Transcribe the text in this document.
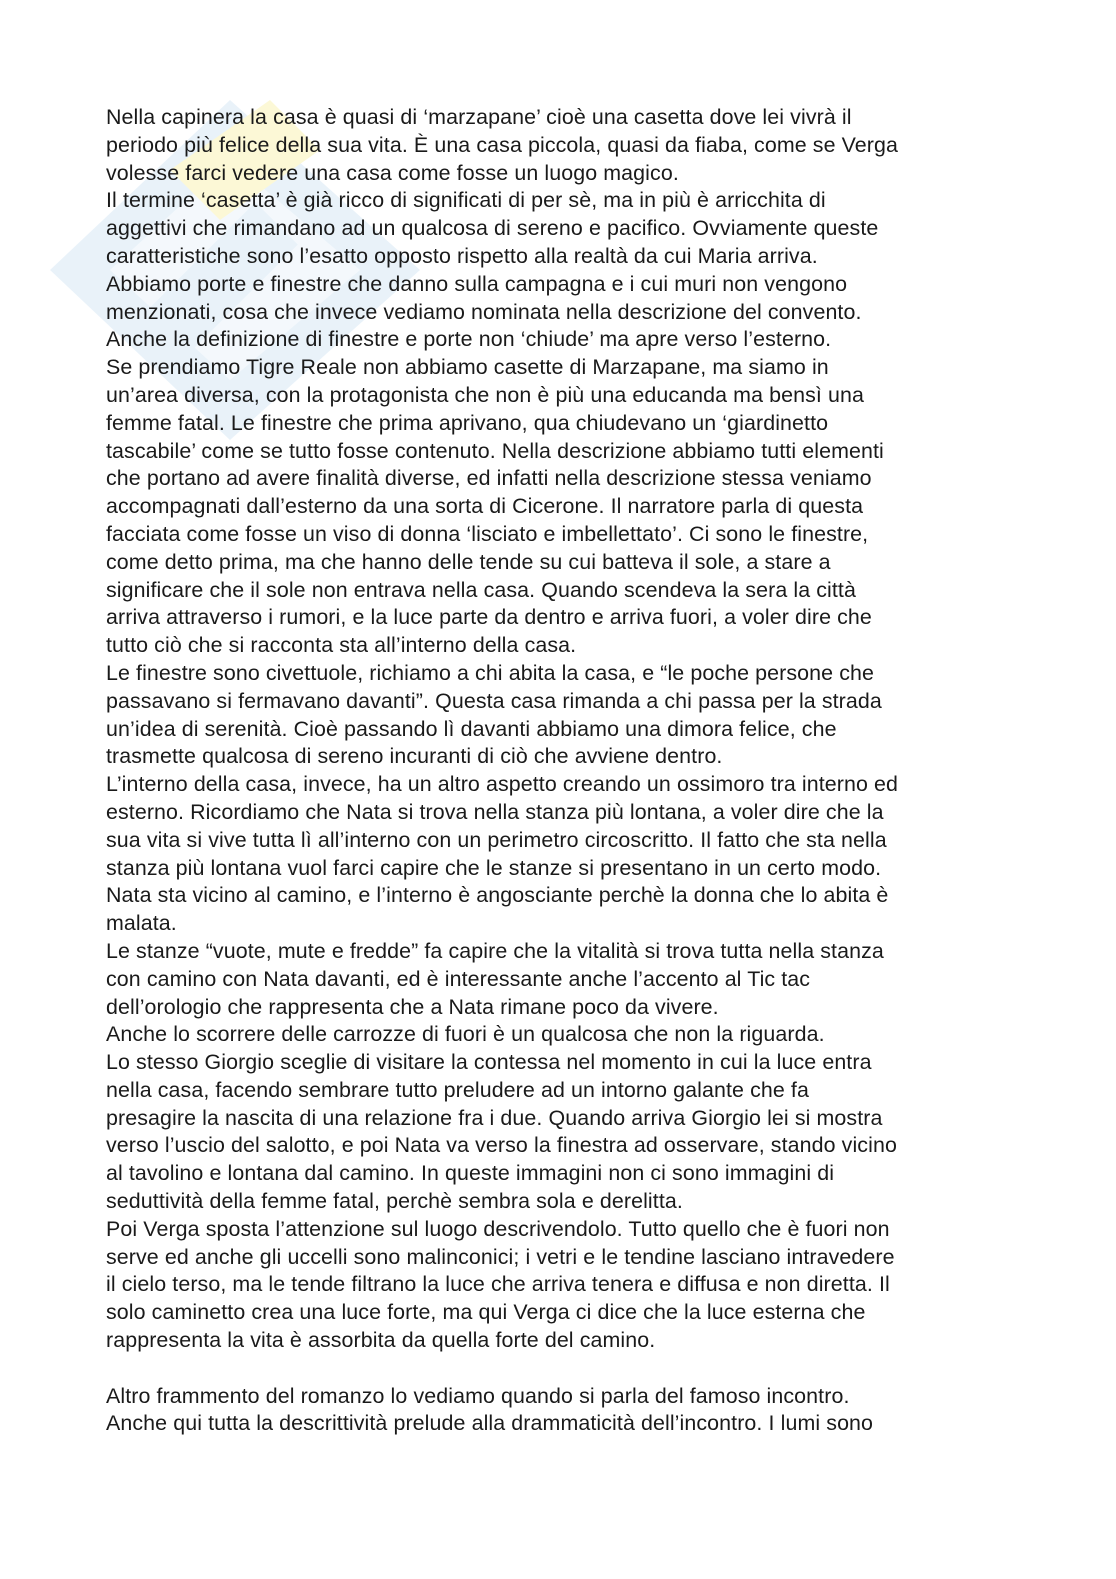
Nella capinera la casa è quasi di ‘marzapane’ cioè una casetta dove lei vivrà il
periodo più felice della sua vita. È una casa piccola, quasi da fiaba, come se Verga
volesse farci vedere una casa come fosse un luogo magico.

Il termine ‘casetta’ è già ricco di significati di per sè, ma in più è arricchita di
aggettivi che rimandano ad un qualcosa di sereno e pacifico. Ovviamente queste
caratteristiche sono l’esatto opposto rispetto alla realtà da cui Maria arriva.

Abbiamo porte e finestre che danno sulla campagna e i cui muri non vengono
menzionati, cosa che invece vediamo nominata nella descrizione del convento.

Anche la definizione di finestre e porte non ‘chiude’ ma apre verso l’esterno.

Se prendiamo Tigre Reale non abbiamo casette di Marzapane, ma siamo in
un’area diversa, con la protagonista che non è più una educanda ma bensì una
femme fatal. Le finestre che prima aprivano, qua chiudevano un ‘giardinetto
tascabile’ come se tutto fosse contenuto. Nella descrizione abbiamo tutti elementi
che portano ad avere finalità diverse, ed infatti nella descrizione stessa veniamo
accompagnati dall’esterno da una sorta di Cicerone. Il narratore parla di questa
facciata come fosse un viso di donna ‘lisciato e imbellettato’. Ci sono le finestre,
come detto prima, ma che hanno delle tende su cui batteva il sole, a stare a
significare che il sole non entrava nella casa. Quando scendeva la sera la città
arriva attraverso i rumori, e la luce parte da dentro e arriva fuori, a voler dire che
tutto ciò che si racconta sta all’interno della casa.

Le finestre sono civettuole, richiamo a chi abita la casa, e “le poche persone che
passavano si fermavano davanti”. Questa casa rimanda a chi passa per la strada
un’idea di serenità. Cioè passando lì davanti abbiamo una dimora felice, che
trasmette qualcosa di sereno incuranti di ciò che avviene dentro.

L’interno della casa, invece, ha un altro aspetto creando un ossimoro tra interno ed
esterno. Ricordiamo che Nata si trova nella stanza più lontana, a voler dire che la
sua vita si vive tutta lì all’interno con un perimetro circoscritto. Il fatto che sta nella
stanza più lontana vuol farci capire che le stanze si presentano in un certo modo.
Nata sta vicino al camino, e l’interno è angosciante perchè la donna che lo abita è
malata.

Le stanze “vuote, mute e fredde” fa capire che la vitalità si trova tutta nella stanza
con camino con Nata davanti, ed è interessante anche l’accento al Tic tac
dell’orologio che rappresenta che a Nata rimane poco da vivere.

Anche lo scorrere delle carrozze di fuori è un qualcosa che non la riguarda.

Lo stesso Giorgio sceglie di visitare la contessa nel momento in cui la luce entra
nella casa, facendo sembrare tutto preludere ad un intorno galante che fa
presagire la nascita di una relazione fra i due. Quando arriva Giorgio lei si mostra
verso l’uscio del salotto, e poi Nata va verso la finestra ad osservare, stando vicino
al tavolino e lontana dal camino. In queste immagini non ci sono immagini di
seduttività della femme fatal, perchè sembra sola e derelitta.

Poi Verga sposta l’attenzione sul luogo descrivendolo. Tutto quello che è fuori non
serve ed anche gli uccelli sono malinconici; i vetri e le tendine lasciano intravedere
il cielo terso, ma le tende filtrano la luce che arriva tenera e diffusa e non diretta. Il
solo caminetto crea una luce forte, ma qui Verga ci dice che la luce esterna che
rappresenta la vita è assorbita da quella forte del camino.

Altro frammento del romanzo lo vediamo quando si parla del famoso incontro.
Anche qui tutta la descrittività prelude alla drammaticità dell’incontro. I lumi sono
